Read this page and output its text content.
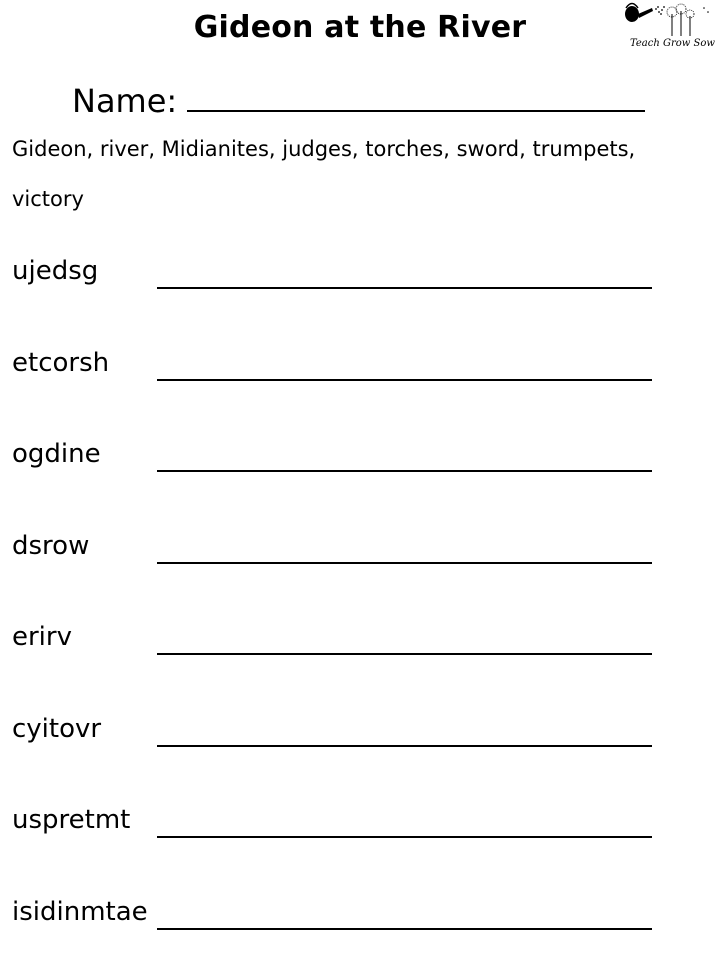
Gideon at the River	Teach Grow Sow
Name:
Gideon, river, Midianites, judges, torches, sword, trumpets, victory
ujedsg
etcorsh
ogdine
dsrow
erirv
cyitovr
uspretmt
isidinmtae
